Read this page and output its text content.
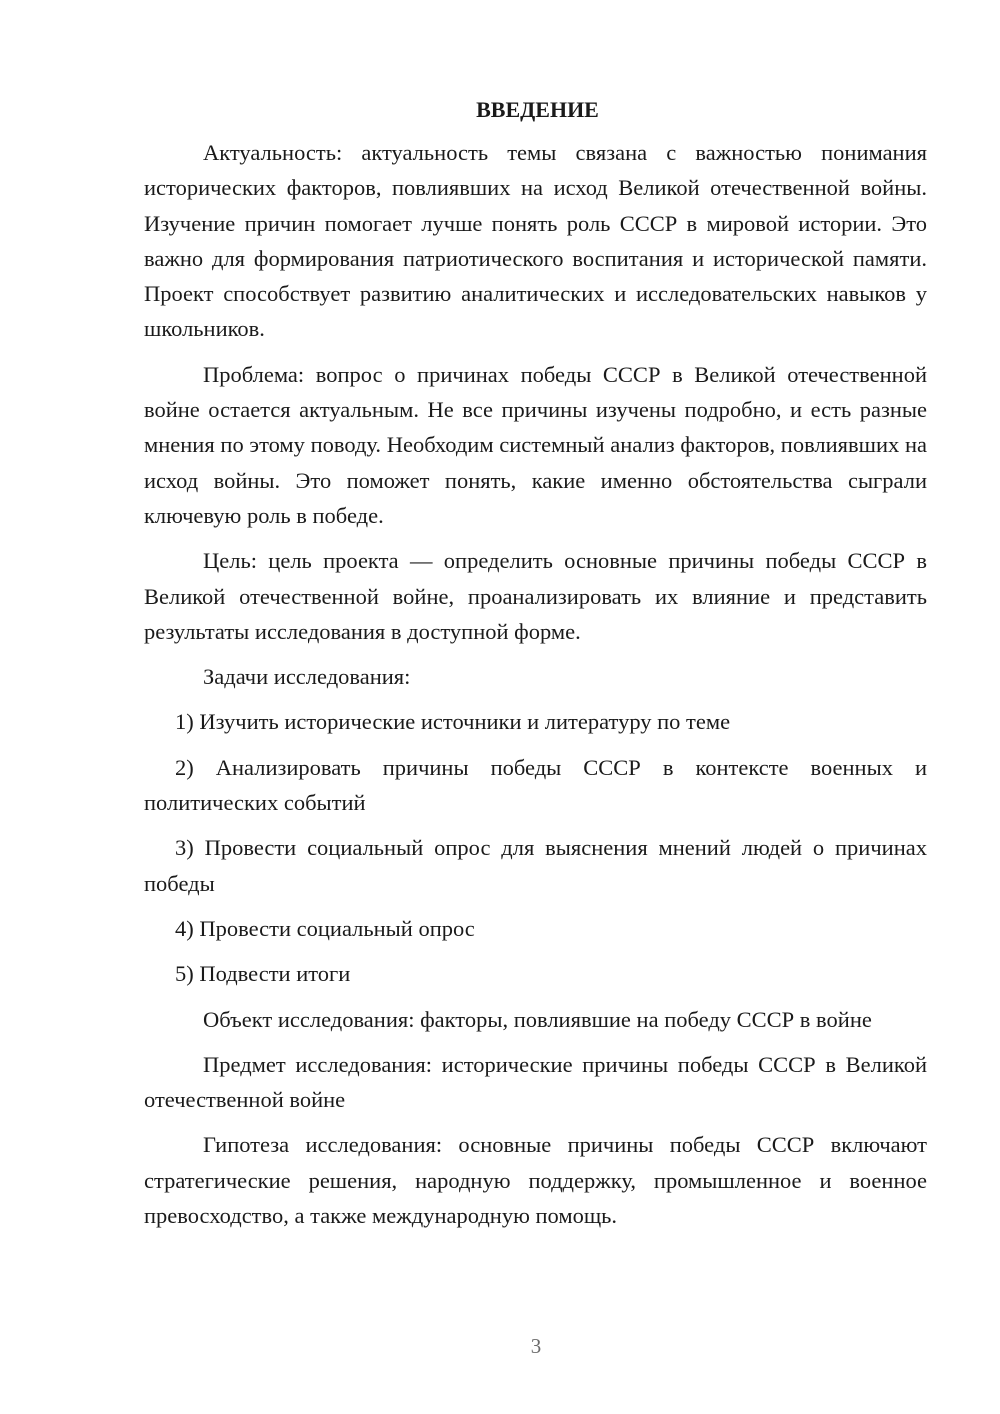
ВВЕДЕНИЕ

Актуальность: актуальность темы связана с важностью понимания исторических факторов, повлиявших на исход Великой отечественной войны. Изучение причин помогает лучше понять роль СССР в мировой истории. Это важно для формирования патриотического воспитания и исторической памяти. Проект способствует развитию аналитических и исследовательских навыков у школьников.

Проблема: вопрос о причинах победы СССР в Великой отечественной войне остается актуальным. Не все причины изучены подробно, и есть разные мнения по этому поводу. Необходим системный анализ факторов, повлиявших на исход войны. Это поможет понять, какие именно обстоятельства сыграли ключевую роль в победе.

Цель: цель проекта — определить основные причины победы СССР в Великой отечественной войне, проанализировать их влияние и представить результаты исследования в доступной форме.

Задачи исследования:

1) Изучить исторические источники и литературу по теме

2) Анализировать причины победы СССР в контексте военных и политических событий

3) Провести социальный опрос для выяснения мнений людей о причинах победы

4) Провести социальный опрос

5) Подвести итоги

Объект исследования: факторы, повлиявшие на победу СССР в войне

Предмет исследования: исторические причины победы СССР в Великой отечественной войне

Гипотеза исследования: основные причины победы СССР включают стратегические решения, народную поддержку, промышленное и военное превосходство, а также международную помощь.

3
